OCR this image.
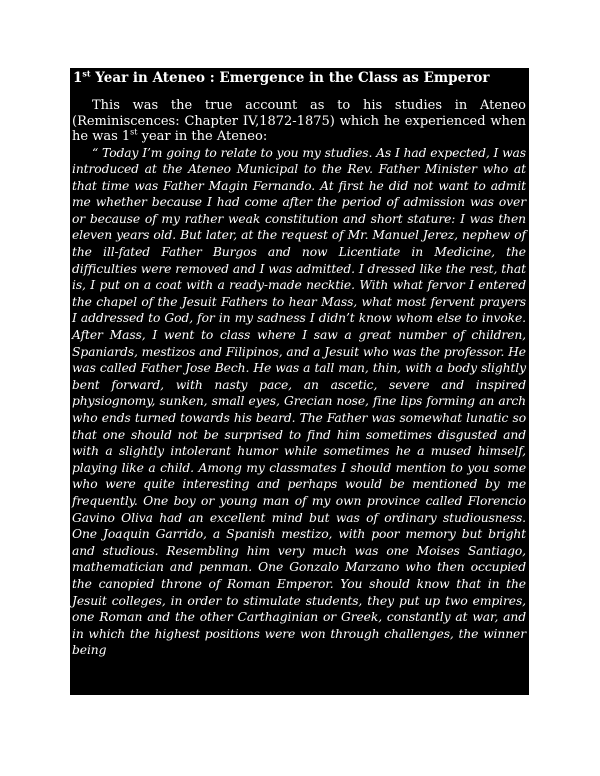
1st Year in Ateneo : Emergence in the Class as Emperor

This was the true account as to his studies in Ateneo (Reminiscences: Chapter IV,1872-1875) which he experienced when he was 1st year in the Ateneo:

“ Today I’m going to relate to you my studies. As I had expected, I was introduced at the Ateneo Municipal to the Rev. Father Minister who at that time was Father Magin Fernando. At first he did not want to admit me whether because I had come after the period of admission was over or because of my rather weak constitution and short stature: I was then eleven years old. But later, at the request of Mr. Manuel Jerez, nephew of the ill-fated Father Burgos and now Licentiate in Medicine, the difficulties were removed and I was admitted. I dressed like the rest, that is, I put on a coat with a ready-made necktie. With what fervor I entered the chapel of the Jesuit Fathers to hear Mass, what most fervent prayers I addressed to God, for in my sadness I didn’t know whom else to invoke. After Mass, I went to class where I saw a great number of children, Spaniards, mestizos and Filipinos, and a Jesuit who was the professor. He was called Father Jose Bech. He was a tall man, thin, with a body slightly bent forward, with nasty pace, an ascetic, severe and inspired physiognomy, sunken, small eyes, Grecian nose, fine lips forming an arch who ends turned towards his beard. The Father was somewhat lunatic so that one should not be surprised to find him sometimes disgusted and with a slightly intolerant humor while sometimes he a mused himself, playing like a child. Among my classmates I should mention to you some who were quite interesting and perhaps would be mentioned by me frequently. One boy or young man of my own province called Florencio Gavino Oliva had an excellent mind but was of ordinary studiousness. One Joaquin Garrido, a Spanish mestizo, with poor memory but bright and studious. Resembling him very much was one Moises Santiago, mathematician and penman. One Gonzalo Marzano who then occupied the canopied throne of Roman Emperor. You should know that in the Jesuit colleges, in order to stimulate students, they put up two empires, one Roman and the other Carthaginian or Greek, constantly at war, and in which the highest positions were won through challenges, the winner being
